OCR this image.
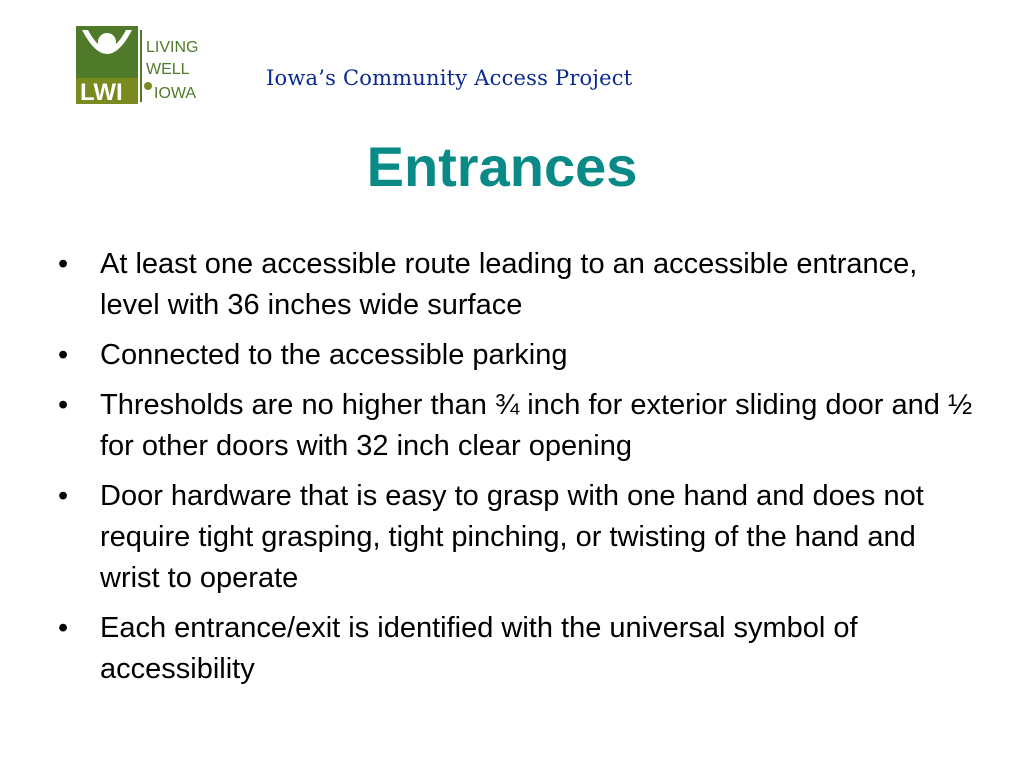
LWI
LIVING
WELL
IOWA
Iowa’s Community Access Project
Entrances
•	At least one accessible route leading to an accessible entrance, level with 36 inches wide surface
•	Connected to the accessible parking
•	Thresholds are no higher than ¾ inch for exterior sliding door and ½ for other doors with 32 inch clear opening
•	Door hardware that is easy to grasp with one hand and does not require tight grasping, tight pinching, or twisting of the hand and wrist to operate
•	Each entrance/exit is identified with the universal symbol of accessibility
